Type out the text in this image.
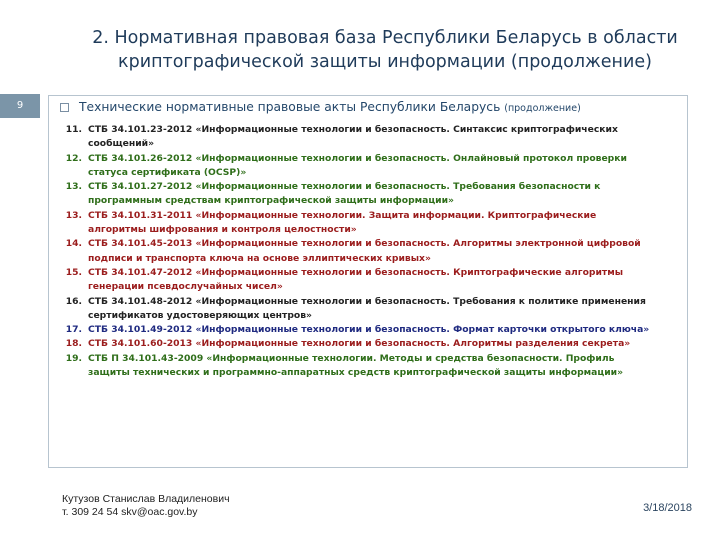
2. Нормативная правовая база Республики Беларусь в области
криптографической защиты информации (продолжение)
9	Технические нормативные правовые акты Республики Беларусь (продолжение)
11. СТБ 34.101.23-2012 «Информационные технологии и безопасность. Синтаксис криптографических
сообщений»
12. СТБ 34.101.26-2012 «Информационные технологии и безопасность. Онлайновый протокол проверки
статуса сертификата (OCSP)»
13. СТБ 34.101.27-2012 «Информационные технологии и безопасность. Требования безопасности к
программным средствам криптографической защиты информации»
13. СТБ 34.101.31-2011 «Информационные технологии. Защита информации. Криптографические
алгоритмы шифрования и контроля целостности»
14. СТБ 34.101.45-2013 «Информационные технологии и безопасность. Алгоритмы электронной цифровой
подписи и транспорта ключа на основе эллиптических кривых»
15. СТБ 34.101.47-2012 «Информационные технологии и безопасность. Криптографические алгоритмы
генерации псевдослучайных чисел»
16. СТБ 34.101.48-2012 «Информационные технологии и безопасность. Требования к политике применения
сертификатов удостоверяющих центров»
17. СТБ 34.101.49-2012 «Информационные технологии и безопасность. Формат карточки открытого ключа»
18. СТБ 34.101.60-2013 «Информационные технологии и безопасность. Алгоритмы разделения секрета»
19. СТБ П 34.101.43-2009 «Информационные технологии. Методы и средства безопасности. Профиль
защиты технических и программно-аппаратных средств криптографической защиты информации»
Кутузов Станислав Владиленович
т. 309 24 54 skv@oac.gov.by	3/18/2018
